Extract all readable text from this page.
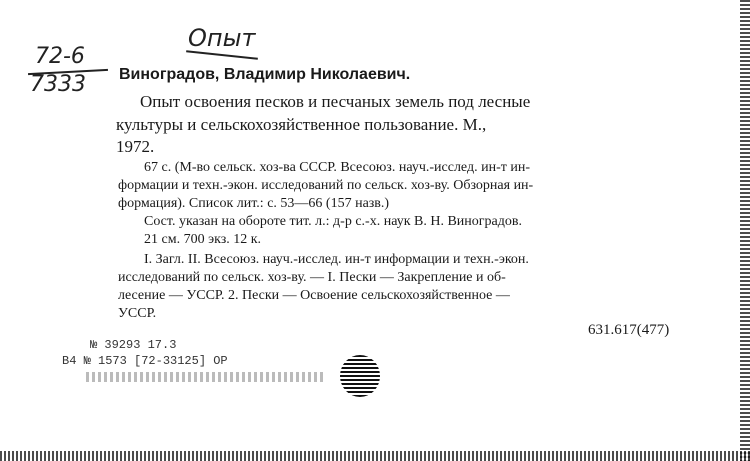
72-6
7333
Опыт
Виноградов, Владимир Николаевич.
Опыт освоения песков и песчаных земель под лесные
культуры и сельскохозяйственное пользование. М.,
1972.
67 с. (М-во сельск. хоз-ва СССР. Всесоюз. науч.-исслед. ин-т ин-
формации и техн.-экон. исследований по сельск. хоз-ву. Обзорная ин-
формация). Список лит.: с. 53—66 (157 назв.)
Сост. указан на обороте тит. л.: д-р с.-х. наук В. Н. Виноградов.
21 см. 700 экз. 12 к.
I. Загл. II. Всесоюз. науч.-исслед. ин-т информации и техн.-экон.
исследований по сельск. хоз-ву. — I. Пески — Закрепление и об-
лесение — УССР. 2. Пески — Освоение сельскохозяйственное —
УССР.
631.617(477)
№ 39293 17.3
В4 № 1573 [72-33125] ОР
